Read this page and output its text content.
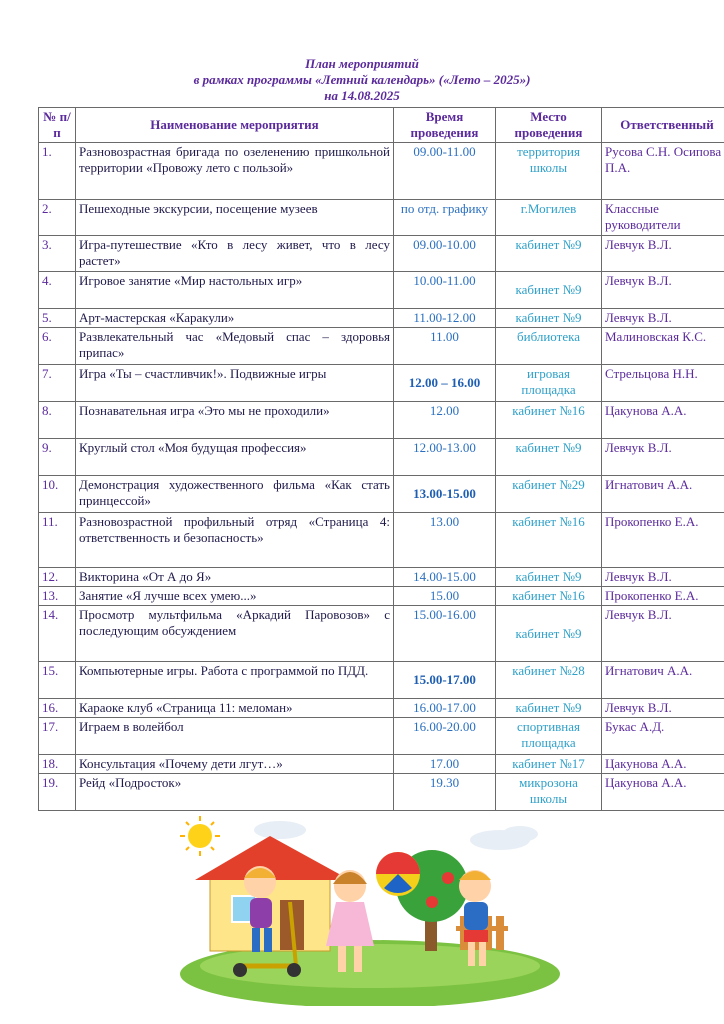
План мероприятий
в рамках программы «Летний календарь» («Лето – 2025»)
на 14.08.2025
№ п/п	Наименование мероприятия	Время проведения	Место проведения	Ответственный
1.	Разновозрастная бригада по озеленению пришкольной территории «Провожу лето с пользой»	09.00-11.00	территория школы	Русова С.Н. Осипова П.А.
2.	Пешеходные экскурсии, посещение музеев	по отд. графику	г.Могилев	Классные руководители
3.	Игра-путешествие «Кто в лесу живет, что в лесу растет»	09.00-10.00	кабинет №9	Левчук В.Л.
4.	Игровое занятие «Мир настольных игр»	10.00-11.00	кабинет №9	Левчук В.Л.
5.	Арт-мастерская «Каракули»	11.00-12.00	кабинет №9	Левчук В.Л.
6.	Развлекательный час «Медовый спас – здоровья припас»	11.00	библиотека	Малиновская К.С.
7.	Игра «Ты – счастливчик!». Подвижные игры	12.00 – 16.00	игровая площадка	Стрельцова Н.Н.
8.	Познавательная игра «Это мы не проходили»	12.00	кабинет №16	Цакунова А.А.
9.	Круглый стол «Моя будущая профессия»	12.00-13.00	кабинет №9	Левчук В.Л.
10.	Демонстрация художественного фильма «Как стать принцессой»	13.00-15.00	кабинет №29	Игнатович А.А.
11.	Разновозрастной профильный отряд «Страница 4: ответственность и безопасность»	13.00	кабинет №16	Прокопенко Е.А.
12.	Викторина «От А до Я»	14.00-15.00	кабинет №9	Левчук В.Л.
13.	Занятие «Я лучше всех умею...»	15.00	кабинет №16	Прокопенко Е.А.
14.	Просмотр мультфильма «Аркадий Паровозов» с последующим обсуждением	15.00-16.00	кабинет №9	Левчук В.Л.
15.	Компьютерные игры. Работа с программой по ПДД.	15.00-17.00	кабинет №28	Игнатович А.А.
16.	Караоке клуб «Страница 11: меломан»	16.00-17.00	кабинет №9	Левчук В.Л.
17.	Играем в волейбол	16.00-20.00	спортивная площадка	Букас А.Д.
18.	Консультация «Почему дети лгут…»	17.00	кабинет №17	Цакунова А.А.
19.	Рейд «Подросток»	19.30	микрозона школы	Цакунова А.А.
